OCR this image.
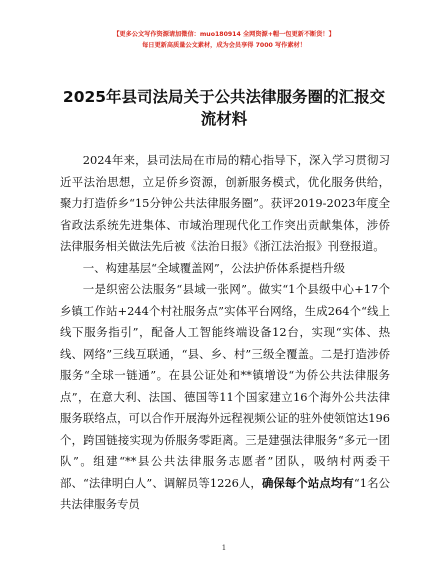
【更多公文写作资源请加微信：muo180914 全网资源+帽一包更新不断货！】
每日更新高质量公文素材，成为会员享得 7000 写作素材！
2025年县司法局关于公共法律服务圈的汇报交流材料

2024年来，县司法局在市局的精心指导下，深入学习贯彻习近平法治思想，立足侨乡资源，创新服务模式，优化服务供给，聚力打造侨乡“15分钟公共法律服务圈”。获评2019-2023年度全省政法系统先进集体、市域治理现代化工作突出贡献集体，涉侨法律服务相关做法先后被《法治日报》《浙江法治报》刊登报道。

一、构建基层“全域覆盖网”，公法护侨体系提档升级

一是织密公法服务“县域一张网”。做实“1个县级中心+17个乡镇工作站+244个村社服务点”实体平台网络，生成264个“线上线下服务指引”，配备人工智能终端设备12台，实现“实体、热线、网络”三线互联通，“县、乡、村”三级全覆盖。二是打造涉侨服务“全球一链通”。在县公证处和**镇增设“为侨公共法律服务点”，在意大利、法国、德国等11个国家建立16个海外公共法律服务联络点，可以合作开展海外远程视频公证的驻外使领馆达196个，跨国链接实现为侨服务零距离。三是建强法律服务“多元一团队”。组建“**县公共法律服务志愿者”团队，吸纳村两委干部、“法律明白人”、调解员等1226人，确保每个站点均有“1名公共法律服务专员

1
